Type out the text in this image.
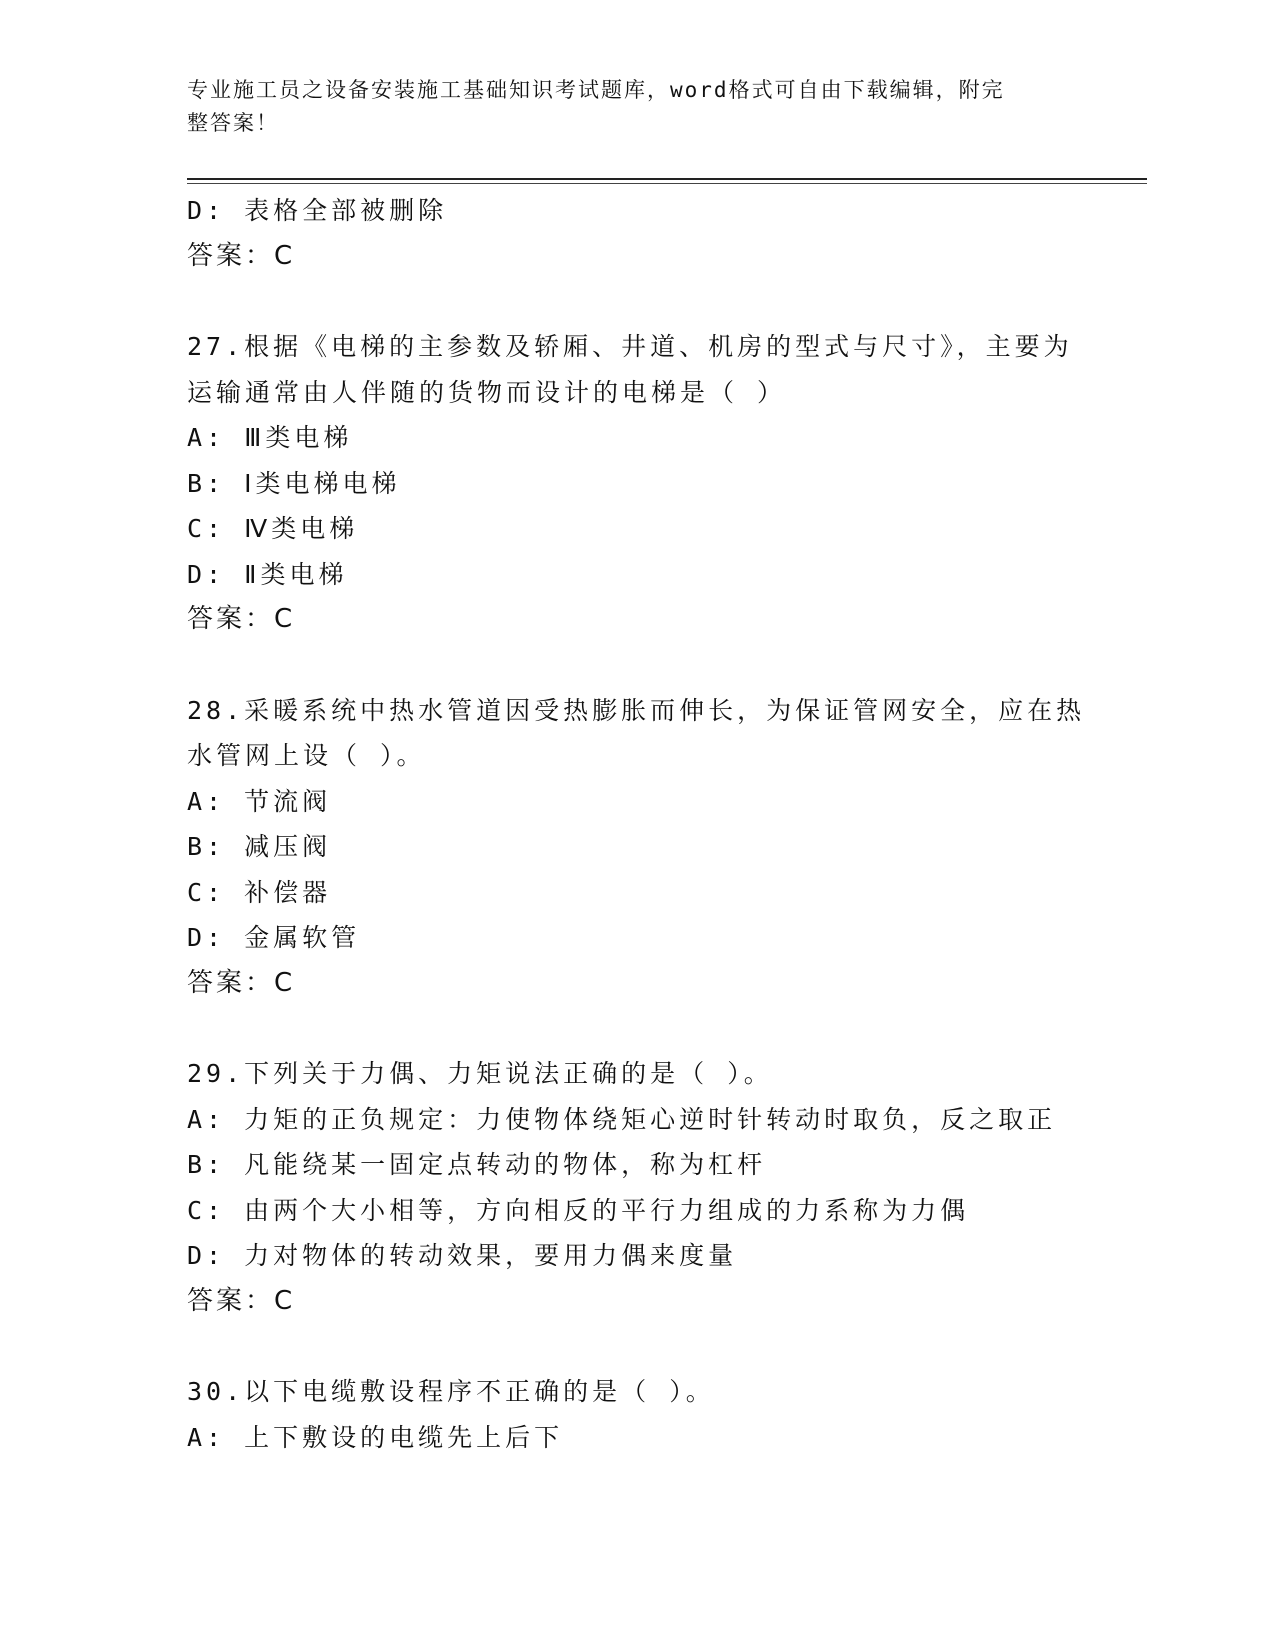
专业施工员之设备安装施工基础知识考试题库，word格式可自由下载编辑，附完
整答案！

D: 表格全部被删除

答案：C

27.根据《电梯的主参数及轿厢、井道、机房的型式与尺寸》，主要为

运输通常由人伴随的货物而设计的电梯是（ ）

A: Ⅲ类电梯

B: Ⅰ类电梯电梯

C: Ⅳ类电梯

D: Ⅱ类电梯

答案：C

28.采暖系统中热水管道因受热膨胀而伸长，为保证管网安全，应在热

水管网上设（ ）。

A: 节流阀

B: 减压阀

C: 补偿器

D: 金属软管

答案：C

29.下列关于力偶、力矩说法正确的是（ ）。

A: 力矩的正负规定：力使物体绕矩心逆时针转动时取负，反之取正

B: 凡能绕某一固定点转动的物体，称为杠杆

C: 由两个大小相等，方向相反的平行力组成的力系称为力偶

D: 力对物体的转动效果，要用力偶来度量

答案：C

30.以下电缆敷设程序不正确的是（ ）。

A: 上下敷设的电缆先上后下
